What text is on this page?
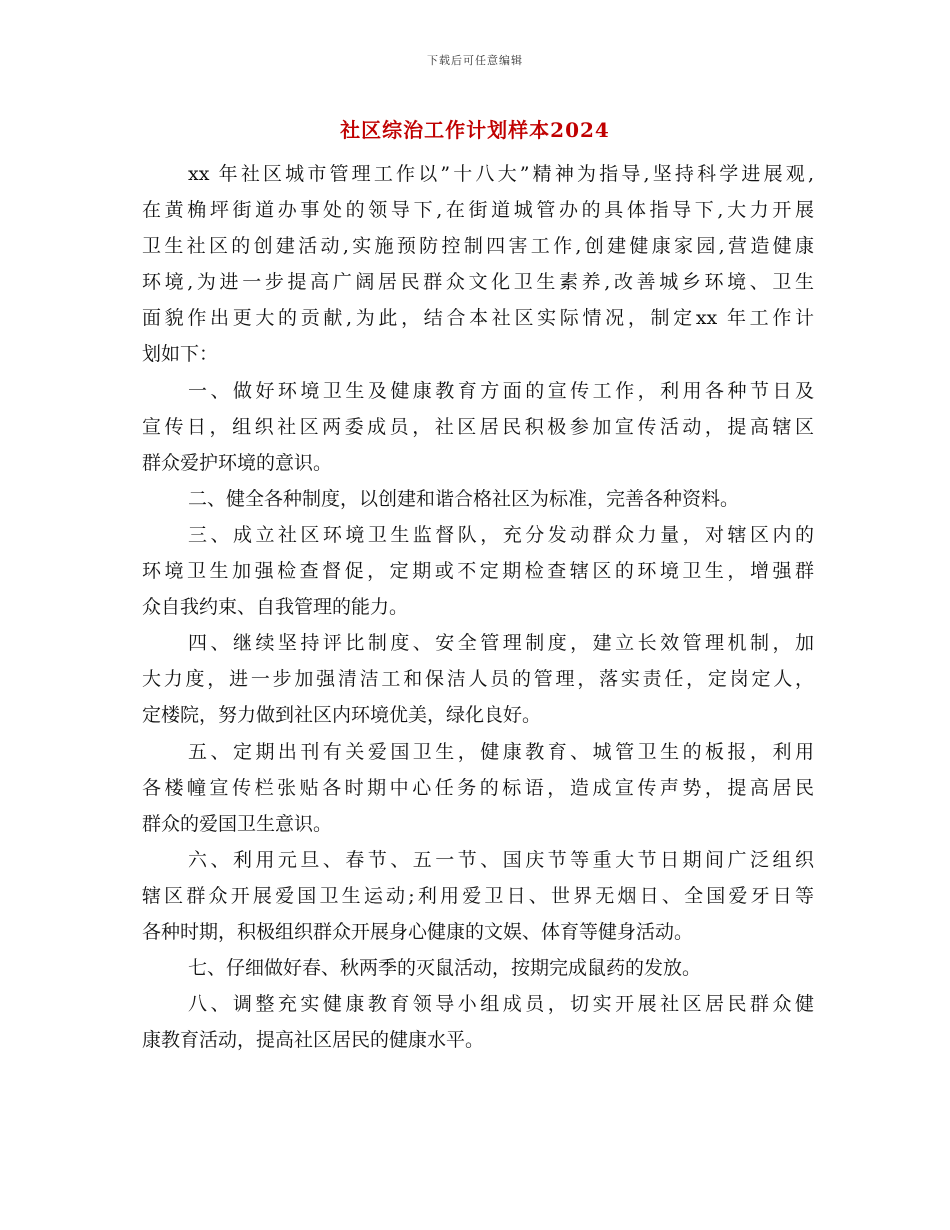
下载后可任意编辑
社区综治工作计划样本2024
xx 年社区城市管理工作以”十八大”精神为指导,坚持科学进展观,
在黄桷坪街道办事处的领导下,在街道城管办的具体指导下,大力开展
卫生社区的创建活动,实施预防控制四害工作,创建健康家园,营造健康
环境,为进一步提高广阔居民群众文化卫生素养,改善城乡环境、卫生
面貌作出更大的贡献,为此，结合本社区实际情况，制定xx 年工作计
划如下：
一、做好环境卫生及健康教育方面的宣传工作，利用各种节日及
宣传日，组织社区两委成员，社区居民积极参加宣传活动，提高辖区
群众爱护环境的意识。
二、健全各种制度，以创建和谐合格社区为标准，完善各种资料。
三、成立社区环境卫生监督队，充分发动群众力量，对辖区内的
环境卫生加强检查督促，定期或不定期检查辖区的环境卫生，增强群
众自我约束、自我管理的能力。
四、继续坚持评比制度、安全管理制度，建立长效管理机制，加
大力度，进一步加强清洁工和保洁人员的管理，落实责任，定岗定人，
定楼院，努力做到社区内环境优美，绿化良好。
五、定期出刊有关爱国卫生，健康教育、城管卫生的板报，利用
各楼幢宣传栏张贴各时期中心任务的标语，造成宣传声势，提高居民
群众的爱国卫生意识。
六、利用元旦、春节、五一节、国庆节等重大节日期间广泛组织
辖区群众开展爱国卫生运动;利用爱卫日、世界无烟日、全国爱牙日等
各种时期，积极组织群众开展身心健康的文娱、体育等健身活动。
七、仔细做好春、秋两季的灭鼠活动，按期完成鼠药的发放。
八、调整充实健康教育领导小组成员，切实开展社区居民群众健
康教育活动，提高社区居民的健康水平。
